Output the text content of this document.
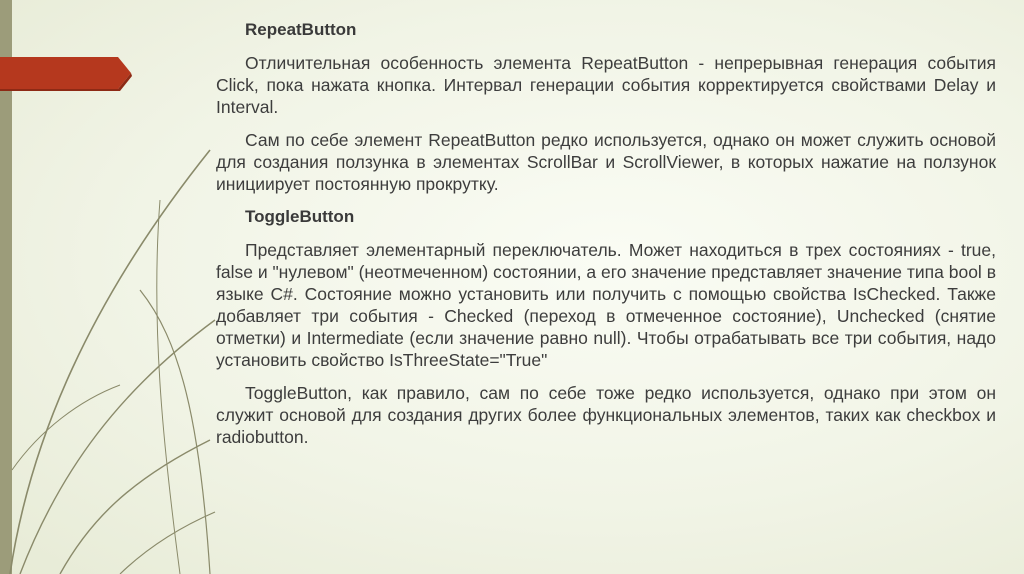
RepeatButton

Отличительная особенность элемента RepeatButton - непрерывная генерация события Click, пока нажата кнопка. Интервал генерации события корректируется свойствами Delay и Interval.

Сам по себе элемент RepeatButton редко используется, однако он может служить основой для создания ползунка в элементах ScrollBar и ScrollViewer, в которых нажатие на ползунок инициирует постоянную прокрутку.

ToggleButton

Представляет элементарный переключатель. Может находиться в трех состояниях - true, false и "нулевом" (неотмеченном) состоянии, а его значение представляет значение типа bool в языке C#. Состояние можно установить или получить с помощью свойства IsChecked. Также добавляет три события - Checked (переход в отмеченное состояние), Unchecked (снятие отметки) и Intermediate (если значение равно null). Чтобы отрабатывать все три события, надо установить свойство IsThreeState="True"

ToggleButton, как правило, сам по себе тоже редко используется, однако при этом он служит основой для создания других более функциональных элементов, таких как checkbox и radiobutton.
